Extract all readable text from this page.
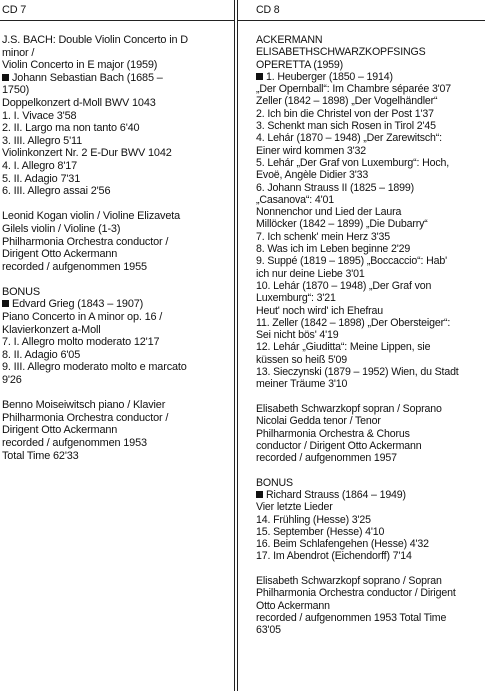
CD 7
J.S. BACH: Double Violin Concerto in D
minor /
Violin Concerto in E major (1959)
Johann Sebastian Bach (1685 –
1750)
Doppelkonzert d-Moll BWV 1043
1. I. Vivace 3'58
2. II. Largo ma non tanto 6'40
3. III. Allegro 5'11
Violinkonzert Nr. 2 E-Dur BWV 1042
4. I. Allegro 8'17
5. II. Adagio 7'31
6. III. Allegro assai 2'56
Leonid Kogan violin / Violine Elizaveta
Gilels violin / Violine (1-3)
Philharmonia Orchestra conductor /
Dirigent Otto Ackermann
recorded / aufgenommen 1955
BONUS
Edvard Grieg (1843 – 1907)
Piano Concerto in A minor op. 16 /
Klavierkonzert a-Moll
7. I. Allegro molto moderato 12'17
8. II. Adagio 6'05
9. III. Allegro moderato molto e marcato
9'26
Benno Moiseiwitsch piano / Klavier
Philharmonia Orchestra conductor /
Dirigent Otto Ackermann
recorded / aufgenommen 1953
Total Time 62'33
CD 8
ACKERMANN
ELISABETHSCHWARZKOPFSINGS
OPERETTA (1959)
1. Heuberger (1850 – 1914)
„Der Opernball“: Im Chambre séparée 3'07
Zeller (1842 – 1898) „Der Vogelhändler“
2. Ich bin die Christel von der Post 1'37
3. Schenkt man sich Rosen in Tirol 2'45
4. Lehár (1870 – 1948) „Der Zarewitsch“:
Einer wird kommen 3'32
5. Lehár „Der Graf von Luxemburg“: Hoch,
Evoë, Angèle Didier 3'33
6. Johann Strauss II (1825 – 1899)
„Casanova“: 4'01
Nonnenchor und Lied der Laura
Millöcker (1842 – 1899) „Die Dubarry“
7. Ich schenk' mein Herz 3'35
8. Was ich im Leben beginne 2'29
9. Suppé (1819 – 1895) „Boccaccio“: Hab'
ich nur deine Liebe 3'01
10. Lehár (1870 – 1948) „Der Graf von
Luxemburg“: 3'21
Heut' noch wird' ich Ehefrau
11. Zeller (1842 – 1898) „Der Obersteiger“:
Sei nicht bös' 4'19
12. Lehár „Giuditta“: Meine Lippen, sie
küssen so heiß 5'09
13. Sieczynski (1879 – 1952) Wien, du Stadt
meiner Träume 3'10
Elisabeth Schwarzkopf sopran / Soprano
Nicolai Gedda tenor / Tenor
Philharmonia Orchestra & Chorus
conductor / Dirigent Otto Ackermann
recorded / aufgenommen 1957
BONUS
Richard Strauss (1864 – 1949)
Vier letzte Lieder
14. Frühling (Hesse) 3'25
15. September (Hesse) 4'10
16. Beim Schlafengehen (Hesse) 4'32
17. Im Abendrot (Eichendorff) 7'14
Elisabeth Schwarzkopf soprano / Sopran
Philharmonia Orchestra conductor / Dirigent
Otto Ackermann
recorded / aufgenommen 1953 Total Time
63'05
